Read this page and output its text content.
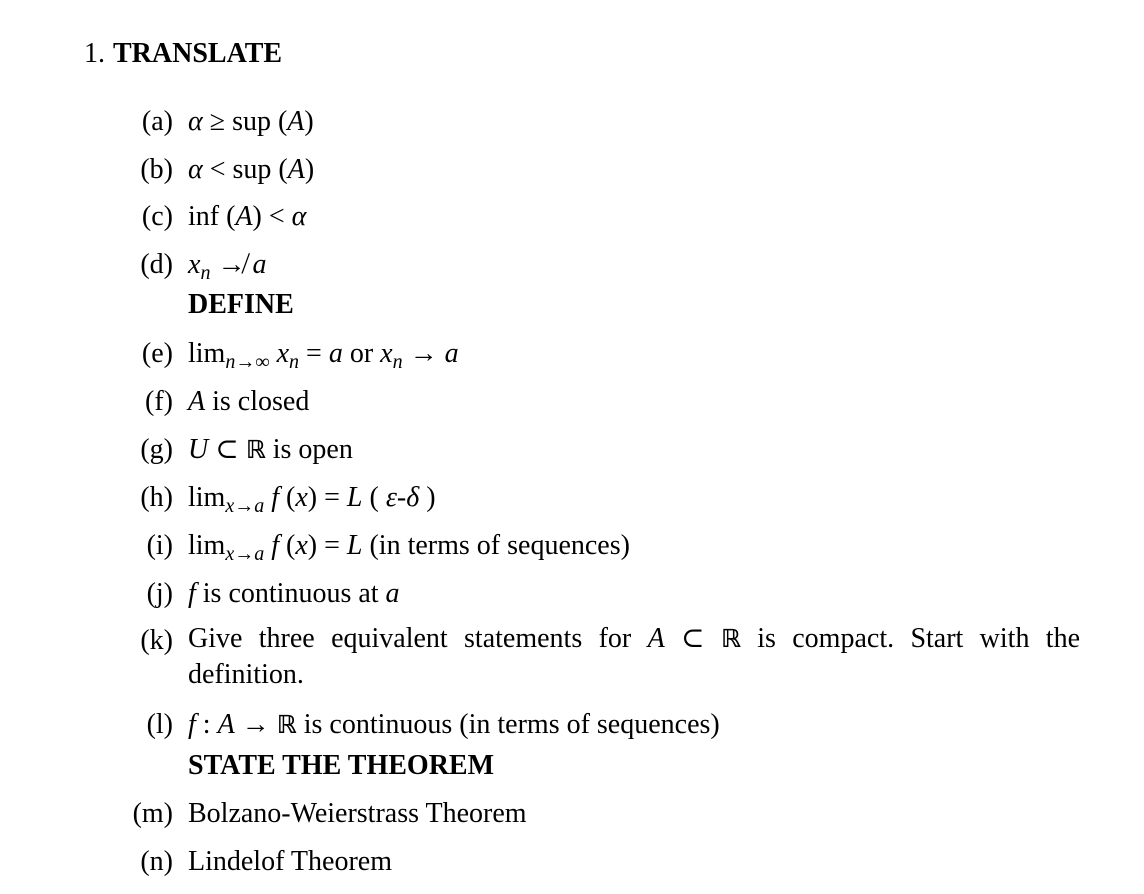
1. TRANSLATE
(a) α ≥ sup (A)
(b) α < sup (A)
(c) inf (A) < α
(d) $x_n$ ↛ a
DEFINE
(e) $\lim_{n\to\infty} x_n = a$ or $x_n \to a$
(f) A is closed
(g) U ⊂ ℝ is open
(h) $\lim_{x\to a} f$ (x) = L ( ε-δ )
(i) $\lim_{x\to a} f$ (x) = L (in terms of sequences)
(j) f is continuous at a
(k) Give three equivalent statements for A ⊂ ℝ is compact. Start with the definition.
(l) f : A → ℝ is continuous (in terms of sequences)
STATE THE THEOREM
(m) Bolzano-Weierstrass Theorem
(n) Lindelof Theorem
